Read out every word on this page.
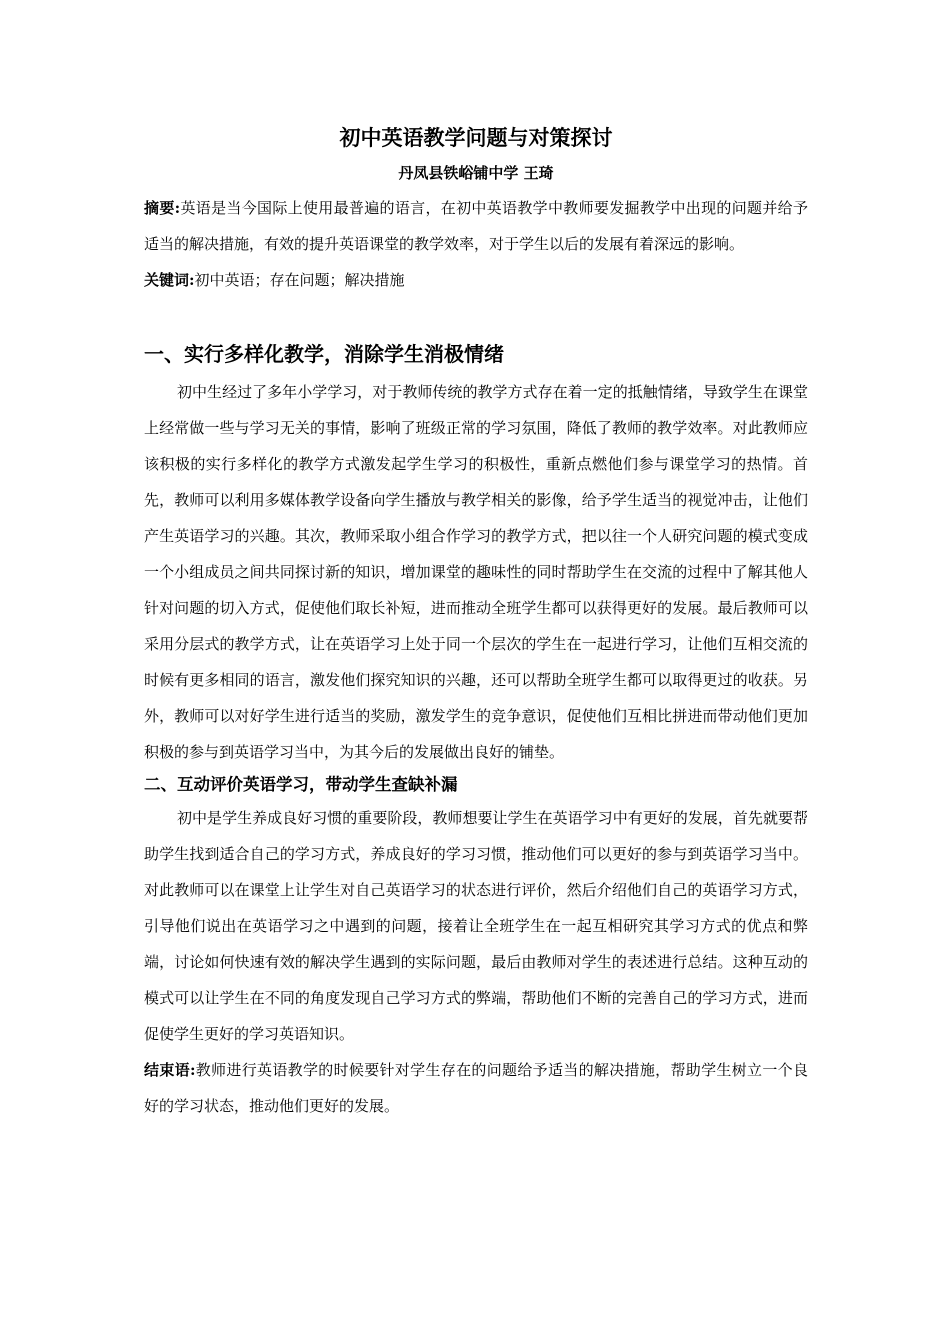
初中英语教学问题与对策探讨
丹凤县铁峪铺中学 王琦

摘要:英语是当今国际上使用最普遍的语言，在初中英语教学中教师要发掘教学中出现的问题并给予适当的解决措施，有效的提升英语课堂的教学效率，对于学生以后的发展有着深远的影响。

关键词:初中英语；存在问题；解决措施

一、实行多样化教学，消除学生消极情绪

初中生经过了多年小学学习，对于教师传统的教学方式存在着一定的抵触情绪，导致学生在课堂上经常做一些与学习无关的事情，影响了班级正常的学习氛围，降低了教师的教学效率。对此教师应该积极的实行多样化的教学方式激发起学生学习的积极性，重新点燃他们参与课堂学习的热情。首先，教师可以利用多媒体教学设备向学生播放与教学相关的影像，给予学生适当的视觉冲击，让他们产生英语学习的兴趣。其次，教师采取小组合作学习的教学方式，把以往一个人研究问题的模式变成一个小组成员之间共同探讨新的知识，增加课堂的趣味性的同时帮助学生在交流的过程中了解其他人针对问题的切入方式，促使他们取长补短，进而推动全班学生都可以获得更好的发展。最后教师可以采用分层式的教学方式，让在英语学习上处于同一个层次的学生在一起进行学习，让他们互相交流的时候有更多相同的语言，激发他们探究知识的兴趣，还可以帮助全班学生都可以取得更过的收获。另外，教师可以对好学生进行适当的奖励，激发学生的竞争意识，促使他们互相比拼进而带动他们更加积极的参与到英语学习当中，为其今后的发展做出良好的铺垫。

二、互动评价英语学习，带动学生查缺补漏

初中是学生养成良好习惯的重要阶段，教师想要让学生在英语学习中有更好的发展，首先就要帮助学生找到适合自己的学习方式，养成良好的学习习惯，推动他们可以更好的参与到英语学习当中。对此教师可以在课堂上让学生对自己英语学习的状态进行评价，然后介绍他们自己的英语学习方式，引导他们说出在英语学习之中遇到的问题，接着让全班学生在一起互相研究其学习方式的优点和弊端，讨论如何快速有效的解决学生遇到的实际问题，最后由教师对学生的表述进行总结。这种互动的模式可以让学生在不同的角度发现自己学习方式的弊端，帮助他们不断的完善自己的学习方式，进而促使学生更好的学习英语知识。

结束语:教师进行英语教学的时候要针对学生存在的问题给予适当的解决措施，帮助学生树立一个良好的学习状态，推动他们更好的发展。
